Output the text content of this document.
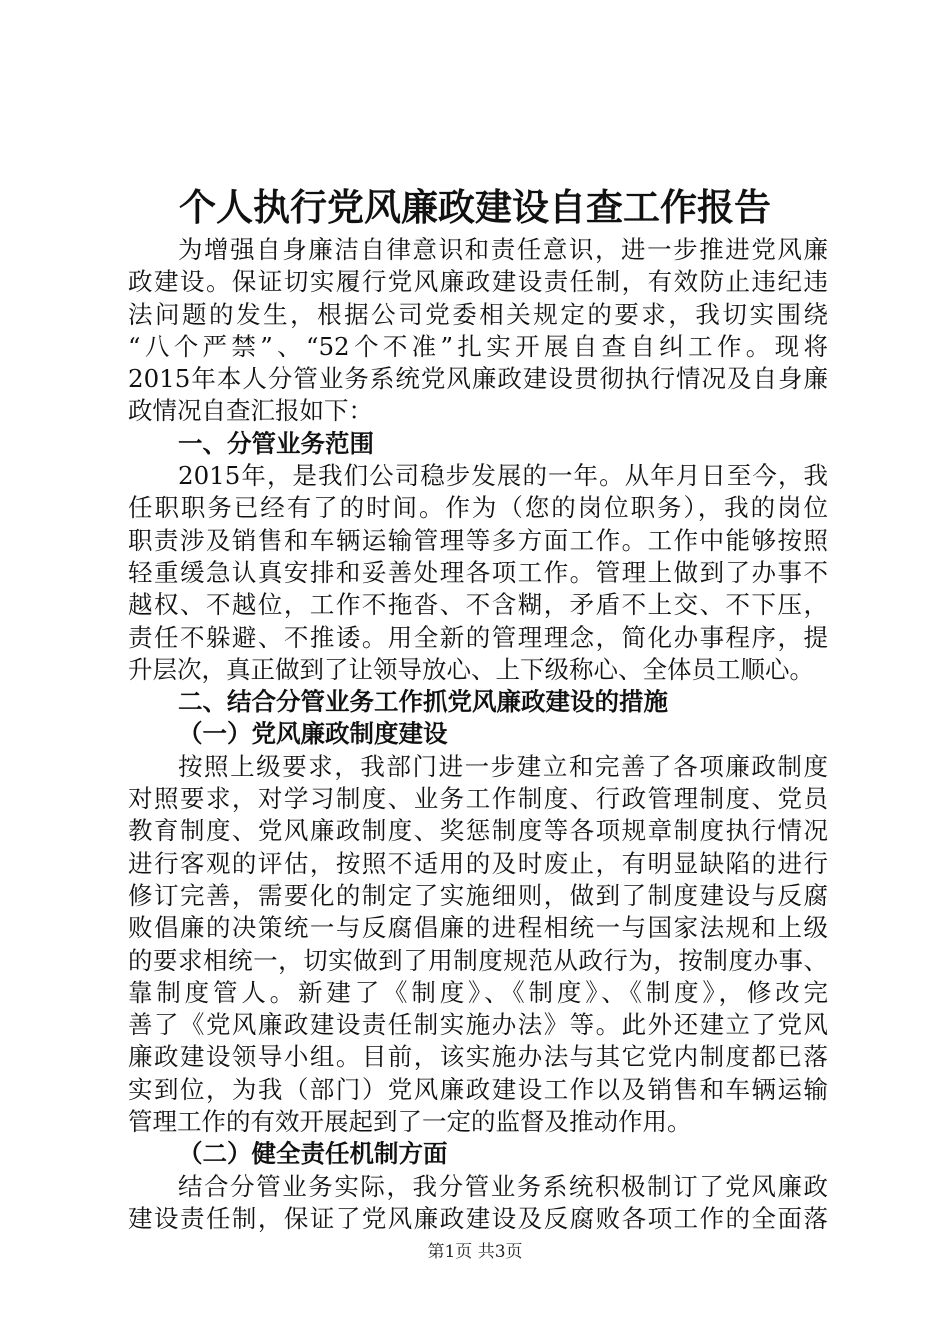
个人执行党风廉政建设自查工作报告
为增强自身廉洁自律意识和责任意识，进一步推进党风廉
政建设。保证切实履行党风廉政建设责任制，有效防止违纪违
法问题的发生，根据公司党委相关规定的要求，我切实围绕
“八个严禁”、“52个不准”扎实开展自查自纠工作。现将
2015年本人分管业务系统党风廉政建设贯彻执行情况及自身廉
政情况自查汇报如下：
一、分管业务范围
2015年，是我们公司稳步发展的一年。从年月日至今，我
任职职务已经有了的时间。作为（您的岗位职务），我的岗位
职责涉及销售和车辆运输管理等多方面工作。工作中能够按照
轻重缓急认真安排和妥善处理各项工作。管理上做到了办事不
越权、不越位，工作不拖沓、不含糊，矛盾不上交、不下压，
责任不躲避、不推诿。用全新的管理理念，简化办事程序，提
升层次，真正做到了让领导放心、上下级称心、全体员工顺心。
二、结合分管业务工作抓党风廉政建设的措施
（一）党风廉政制度建设
按照上级要求，我部门进一步建立和完善了各项廉政制度
对照要求，对学习制度、业务工作制度、行政管理制度、党员
教育制度、党风廉政制度、奖惩制度等各项规章制度执行情况
进行客观的评估，按照不适用的及时废止，有明显缺陷的进行
修订完善，需要化的制定了实施细则，做到了制度建设与反腐
败倡廉的决策统一与反腐倡廉的进程相统一与国家法规和上级
的要求相统一，切实做到了用制度规范从政行为，按制度办事、
靠制度管人。新建了《制度》、《制度》、《制度》，修改完
善了《党风廉政建设责任制实施办法》等。此外还建立了党风
廉政建设领导小组。目前，该实施办法与其它党内制度都已落
实到位，为我（部门）党风廉政建设工作以及销售和车辆运输
管理工作的有效开展起到了一定的监督及推动作用。
（二）健全责任机制方面
结合分管业务实际，我分管业务系统积极制订了党风廉政
建设责任制，保证了党风廉政建设及反腐败各项工作的全面落
第1页 共3页
